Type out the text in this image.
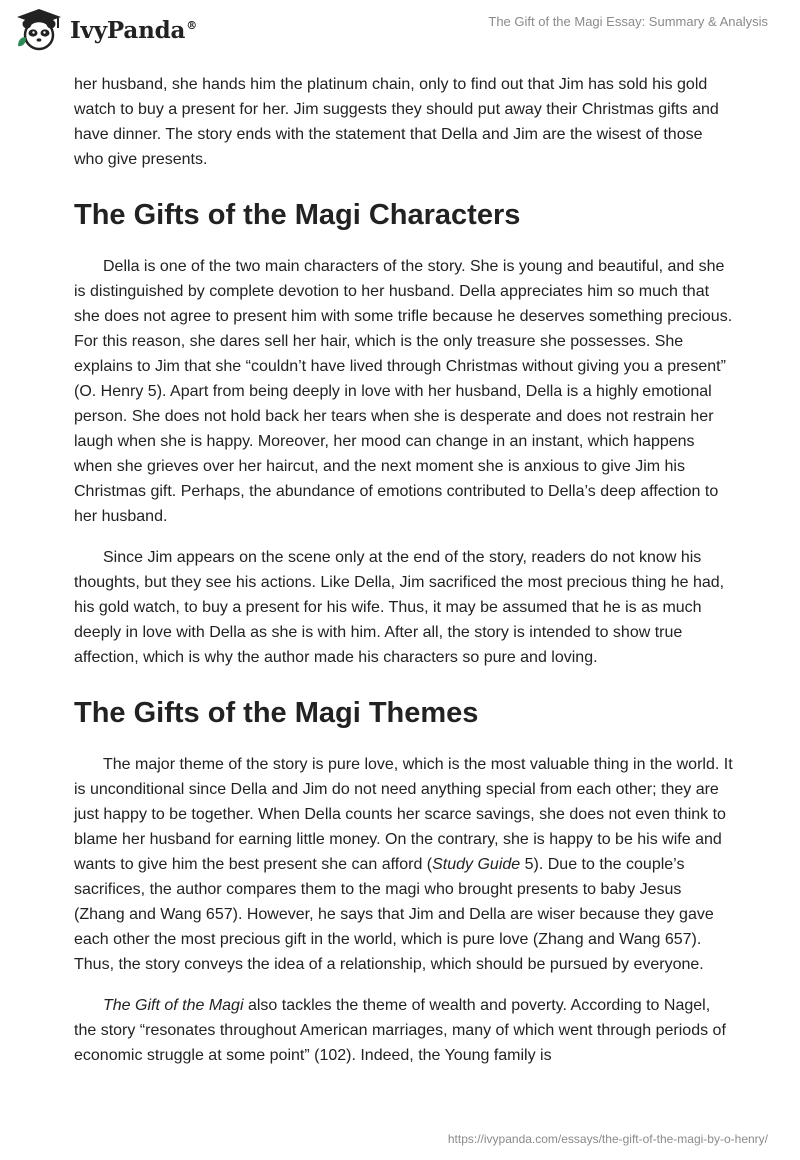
IvyPanda®	The Gift of the Magi Essay: Summary & Analysis

her husband, she hands him the platinum chain, only to find out that Jim has sold his gold watch to buy a present for her. Jim suggests they should put away their Christmas gifts and have dinner. The story ends with the statement that Della and Jim are the wisest of those who give presents.

The Gifts of the Magi Characters

Della is one of the two main characters of the story. She is young and beautiful, and she is distinguished by complete devotion to her husband. Della appreciates him so much that she does not agree to present him with some trifle because he deserves something precious. For this reason, she dares sell her hair, which is the only treasure she possesses. She explains to Jim that she “couldn’t have lived through Christmas without giving you a present” (O. Henry 5). Apart from being deeply in love with her husband, Della is a highly emotional person. She does not hold back her tears when she is desperate and does not restrain her laugh when she is happy. Moreover, her mood can change in an instant, which happens when she grieves over her haircut, and the next moment she is anxious to give Jim his Christmas gift. Perhaps, the abundance of emotions contributed to Della’s deep affection to her husband.

Since Jim appears on the scene only at the end of the story, readers do not know his thoughts, but they see his actions. Like Della, Jim sacrificed the most precious thing he had, his gold watch, to buy a present for his wife. Thus, it may be assumed that he is as much deeply in love with Della as she is with him. After all, the story is intended to show true affection, which is why the author made his characters so pure and loving.

The Gifts of the Magi Themes

The major theme of the story is pure love, which is the most valuable thing in the world. It is unconditional since Della and Jim do not need anything special from each other; they are just happy to be together. When Della counts her scarce savings, she does not even think to blame her husband for earning little money. On the contrary, she is happy to be his wife and wants to give him the best present she can afford (Study Guide 5). Due to the couple’s sacrifices, the author compares them to the magi who brought presents to baby Jesus (Zhang and Wang 657). However, he says that Jim and Della are wiser because they gave each other the most precious gift in the world, which is pure love (Zhang and Wang 657). Thus, the story conveys the idea of a relationship, which should be pursued by everyone.

The Gift of the Magi also tackles the theme of wealth and poverty. According to Nagel, the story “resonates throughout American marriages, many of which went through periods of economic struggle at some point” (102). Indeed, the Young family is

https://ivypanda.com/essays/the-gift-of-the-magi-by-o-henry/
